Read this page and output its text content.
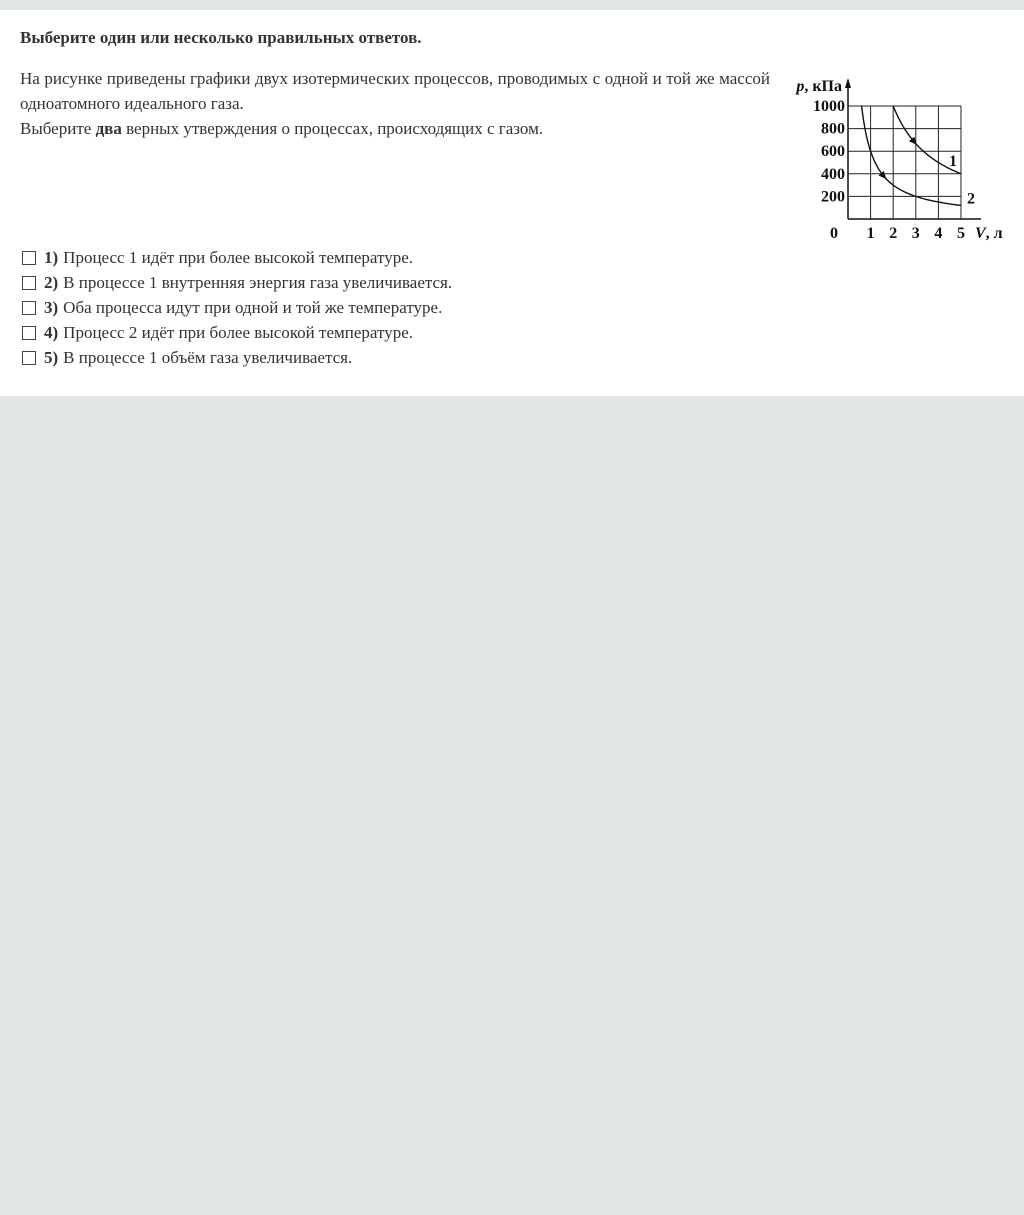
Выберите один или несколько правильных ответов.

На рисунке приведены графики двух изотермических процессов, проводимых с одной и той же массой одноатомного идеального газа.

Выберите два верных утверждения о процессах, происходящих с газом.

1 2 3 4 5
200
400
600
800
1000
0
p, кПа
V, л
1
2
1) Процесс 1 идёт при более высокой температуре.
2) В процессе 1 внутренняя энергия газа увеличивается.
3) Оба процесса идут при одной и той же температуре.
4) Процесс 2 идёт при более высокой температуре.
5) В процессе 1 объём газа увеличивается.
